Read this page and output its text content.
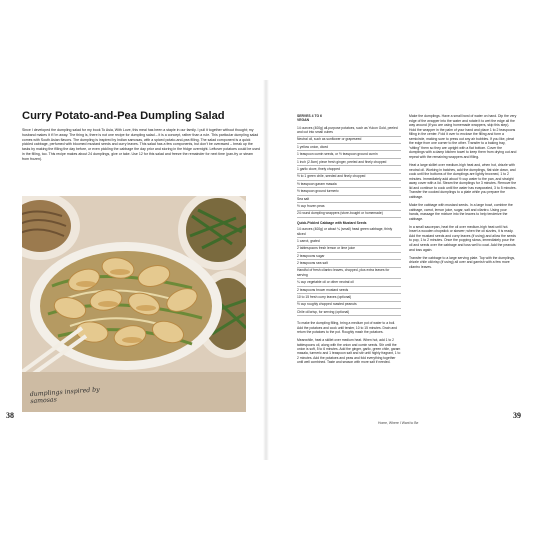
Curry Potato-and-Pea Dumpling Salad
Since I developed the dumpling salad for my book To Asia, With Love, this meal has been a staple in our family. I pull it together without thought; my husband makes it if I’m away. The thing is, there is not one recipe for dumpling salad – it is a concept, rather than a rule. This particular dumpling salad comes with South Asian flavors. The dumpling is inspired by Indian samosas, with a spiced potato-and-pea filling. The salad component is a quick pickled cabbage, perfumed with bloomed mustard seeds and curry leaves. This salad has a few components, but don’t be overawed – break up the tasks by making the filling the day before, or even pickling the cabbage the day prior and storing in the fridge overnight. Leftover potatoes could be used in the filling, too. This recipe makes about 24 dumplings, give or take. Use 12 for this salad and freeze the remainder for next time (pan-fry or steam from frozen).
dumplings inspired by samosas
38
SERVES 4 TO 6
VEGAN
14 ounces (400g) all-purpose potatoes, such as Yukon Gold, peeled and cut into small cubes
Neutral oil, such as sunflower or grapeseed
1 yellow onion, diced
1 teaspoon cumin seeds, or ½ teaspoon ground cumin
1 inch (2.5cm) piece fresh ginger, peeled and finely chopped
1 garlic clove, finely chopped
½ to 1 green chile, seeded and finely chopped
½ teaspoon garam masala
½ teaspoon ground turmeric
Sea salt
½ cup frozen peas
24 round dumpling wrappers (store-bought or homemade)
Quick-Pickled Cabbage with Mustard Seeds
14 ounces (400g) or about ¼ (small) head green cabbage, thinly sliced
1 carrot, grated
2 tablespoons fresh lemon or lime juice
2 teaspoons sugar
2 teaspoons sea salt
Handful of fresh cilantro leaves, chopped, plus extra leaves for serving
¼ cup vegetable oil or other neutral oil
2 teaspoons brown mustard seeds
10 to 15 fresh curry leaves (optional)
½ cup roughly chopped roasted peanuts
Chile oil/crisp, for serving (optional)

To make the dumpling filling, bring a medium pot of water to a boil. Add the potatoes and cook until tender, 10 to 15 minutes. Drain and return the potatoes to the pot. Roughly mash the potatoes.

Meanwhile, heat a skillet over medium heat. When hot, add 1 to 2 tablespoons oil, along with the onion and cumin seeds. Stir until the onion is soft, 5 to 6 minutes. Add the ginger, garlic, green chile, garam masala, turmeric and 1 teaspoon salt and stir until highly fragrant, 1 to 2 minutes. Add the potatoes and peas and fold everything together until well combined. Taste and season with more salt if needed.

Make the dumplings. Have a small bowl of water on hand. Dip the very edge of the wrapper into the water and rotate it to wet the edge all the way around (if you are using homemade wrappers, skip this step). Hold the wrapper in the palm of your hand and place 1 to 2 teaspoons filling in the center. Fold it over to enclose the filling and form a semicircle, making sure to press out any air bubbles. If you like, pleat the edge from one corner to the other. Transfer to a baking tray, “sitting” them so they are upright with a flat bottom. Cover the dumplings with a damp kitchen towel to keep them from drying out and repeat with the remaining wrappers and filling.

Heat a large skillet over medium-high heat and, when hot, drizzle with neutral oil. Working in batches, add the dumplings, flat side down, and cook until the bottoms of the dumplings are lightly browned, 1 to 2 minutes. Immediately add about ½ cup water to the pan, and straight away cover with a lid. Steam the dumplings for 3 minutes. Remove the lid and continue to cook until the water has evaporated, 3 to 5 minutes. Transfer the cooked dumplings to a plate while you prepare the cabbage.

Make the cabbage with mustard seeds. In a large bowl, combine the cabbage, carrot, lemon juice, sugar, salt and cilantro. Using your hands, massage the mixture into the leaves to help tenderize the cabbage.

In a small saucepan, heat the oil over medium-high heat until hot. Insert a wooden chopstick or skewer; when the oil sizzles, it is ready. Add the mustard seeds and curry leaves (if using) and allow the seeds to pop, 1 to 2 minutes. Once the popping slows, immediately pour the oil and seeds over the cabbage and toss well to coat. Add the peanuts and toss again.

Transfer the cabbage to a large serving plate. Top with the dumplings, drizzle chile oil/crisp (if using) all over and garnish with a few more cilantro leaves.

Home, Where I Want to Be
39
